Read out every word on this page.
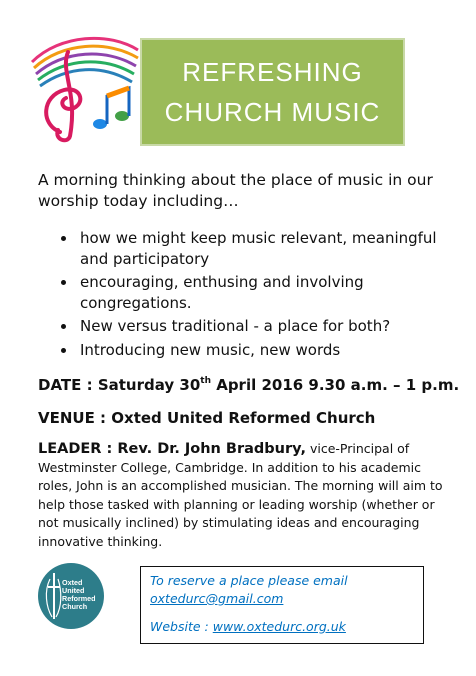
REFRESHING
CHURCH MUSIC

A morning thinking about the place of music in our worship today including…

how we might keep music relevant, meaningful and participatory
encouraging, enthusing and involving congregations.
New versus traditional - a place for both?
Introducing new music, new words
DATE : Saturday 30th April 2016 9.30 a.m. – 1 p.m.
VENUE : Oxted United Reformed Church

LEADER : Rev. Dr. John Bradbury, vice-Principal of Westminster College, Cambridge. In addition to his academic roles, John is an accomplished musician. The morning will aim to help those tasked with planning or leading worship (whether or not musically inclined) by stimulating ideas and encouraging innovative thinking.

Oxted
United
Reformed
Church
To reserve a place please email
oxtedurc@gmail.com
Website : www.oxtedurc.org.uk
